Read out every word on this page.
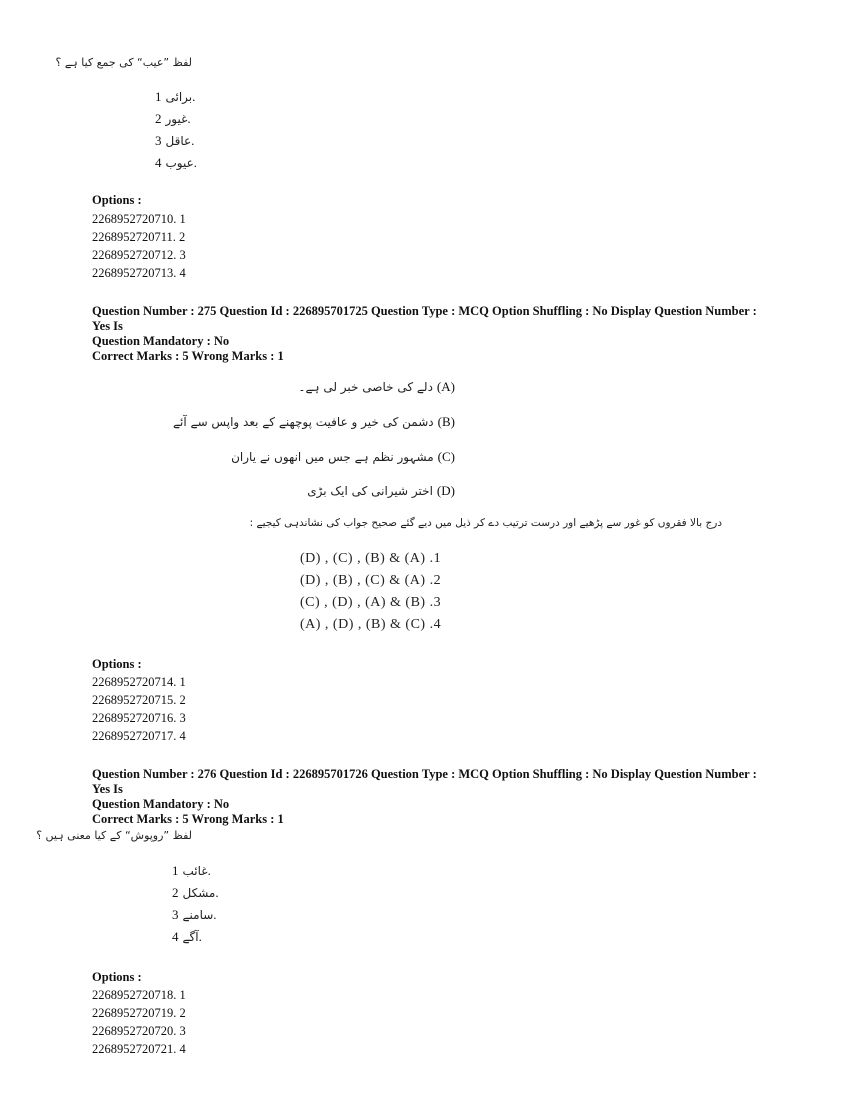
لفظ ”عیب“ کی جمع کیا ہے ؟
برائی 1.
غیور 2.
عاقل 3.
عیوب 4.
Options :
2268952720710. 1
2268952720711. 2
2268952720712. 3
2268952720713. 4
Question Number : 275 Question Id : 226895701725 Question Type : MCQ Option Shuffling : No Display Question Number : Yes Is
Question Mandatory : No
Correct Marks : 5 Wrong Marks : 1
(A) دلے کی خاصی خبر لی ہے۔
(B) دشمن کی خیر و عافیت پوچھنے کے بعد واپس سے آئے
(C) مشہور نظم ہے جس میں انھوں نے یاران
(D) اختر شیرانی کی ایک بڑی
درج بالا فقروں کو غور سے پڑھیے اور درست ترتیب دے کر ذیل میں دیے گئے صحیح جواب کی نشاندہی کیجیے :
(D) , (C) , (B) & (A) .1
(D) , (B) , (C) & (A) .2
(C) , (D) , (A) & (B) .3
(A) , (D) , (B) & (C) .4
Options :
2268952720714. 1
2268952720715. 2
2268952720716. 3
2268952720717. 4
Question Number : 276 Question Id : 226895701726 Question Type : MCQ Option Shuffling : No Display Question Number : Yes Is
Question Mandatory : No
Correct Marks : 5 Wrong Marks : 1
لفظ ”روپوش“ کے کیا معنی ہیں ؟
غائب 1.
مشکل 2.
سامنے 3.
آگے 4.
Options :
2268952720718. 1
2268952720719. 2
2268952720720. 3
2268952720721. 4
